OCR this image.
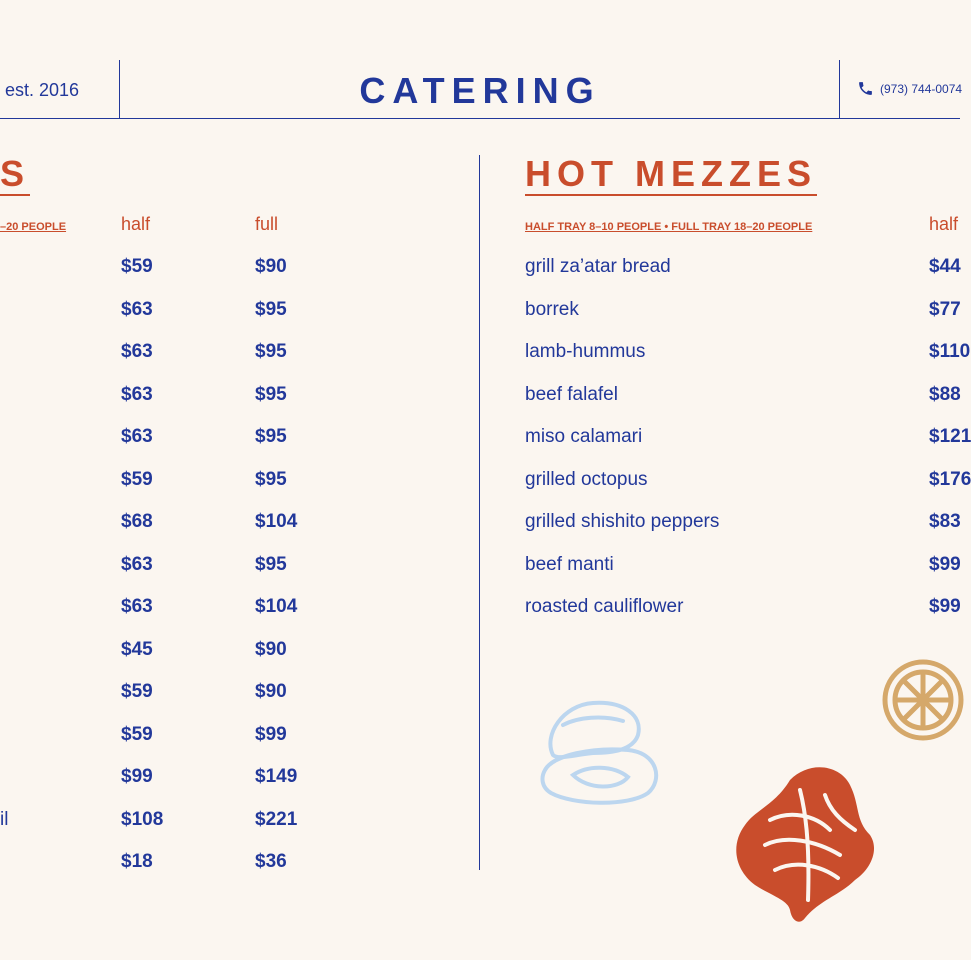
est. 2016	CATERING	(973) 744-0074
S
–20 PEOPLE	half	full
$59	$90
$63	$95
$63	$95
$63	$95
$63	$95
$59	$95
$68	$104
$63	$95
$63	$104
$45	$90
$59	$90
$59	$99
$99	$149
il	$108	$221
$18	$36
HOT MEZZES
HALF TRAY 8–10 PEOPLE • FULL TRAY 18–20 PEOPLE	half
grill za’atar bread	$44
borrek	$77
lamb-hummus	$110
beef falafel	$88
miso calamari	$121
grilled octopus	$176
grilled shishito peppers	$83
beef manti	$99
roasted cauliflower	$99
